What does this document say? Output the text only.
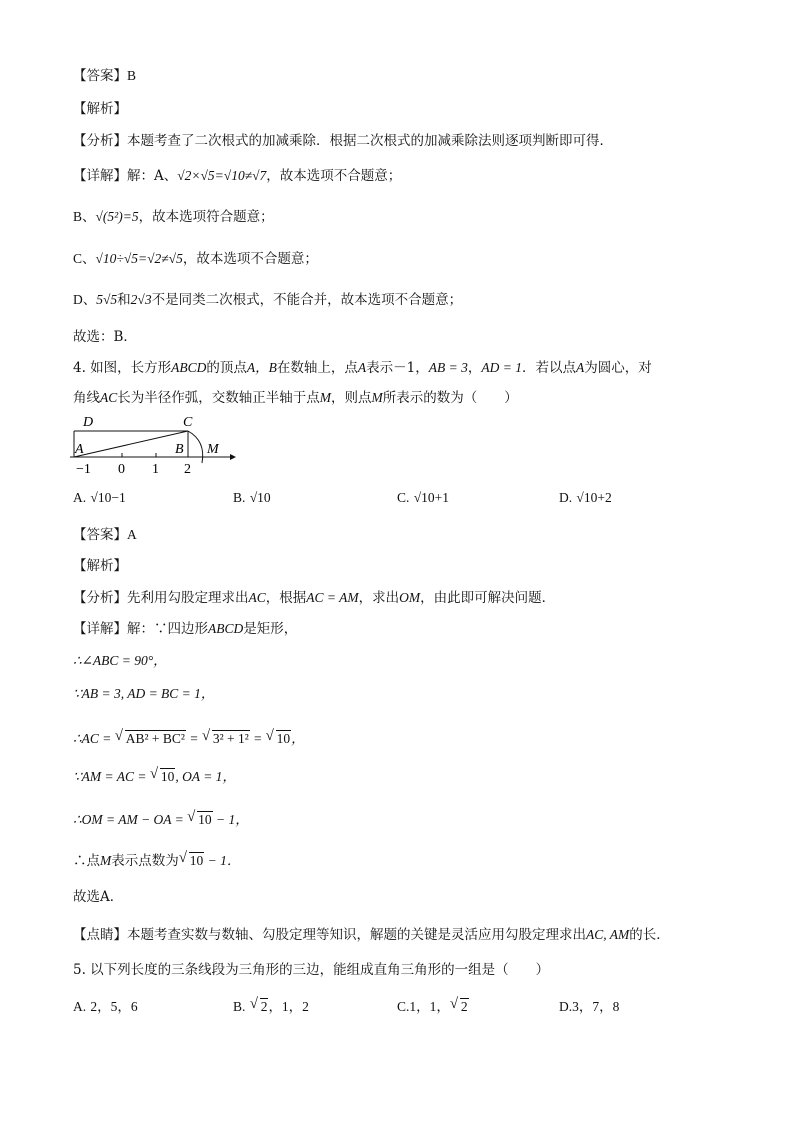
【答案】B
【解析】
【分析】本题考查了二次根式的加减乘除．根据二次根式的加减乘除法则逐项判断即可得．
【详解】解：A、√2×√5=√10≠√7，故本选项不合题意；
B、√(5²)=5，故本选项符合题意；
C、√10÷√5=√2≠√5，故本选项不合题意；
D、5√5和2√3不是同类二次根式，不能合并，故本选项不合题意；
故选：B．
4. 如图，长方形ABCD的顶点A，B在数轴上，点A表示－1，AB = 3，AD = 1．若以点A为圆心，对
角线AC长为半径作弧，交数轴正半轴于点M，则点M所表示的数为（　　）
D	C
A	B M
−1 0 1 2
A. √10−1	B. √10	C. √10+1	D. √10+2
【答案】A
【解析】
【分析】先利用勾股定理求出AC，根据AC = AM，求出OM，由此即可解决问题．
【详解】解：∵四边形ABCD是矩形，
∴∠ABC = 90°，
∵AB = 3, AD = BC = 1，
∴AC = √ AB² + BC² = √ 3² + 1² = √ 10，
∵AM = AC = √ 10, OA = 1，
∴OM = AM − OA = √ 10 − 1，
∴点M表示点数为 √ 10 − 1．
故选A．
【点睛】本题考查实数与数轴、勾股定理等知识，解题的关键是灵活应用勾股定理求出AC, AM的长．
5. 以下列长度的三条线段为三角形的三边，能组成直角三角形的一组是（　　）
A. 2，5，6	B. √ 2，1，2	C.1，1， √ 2	D.3，7，8
